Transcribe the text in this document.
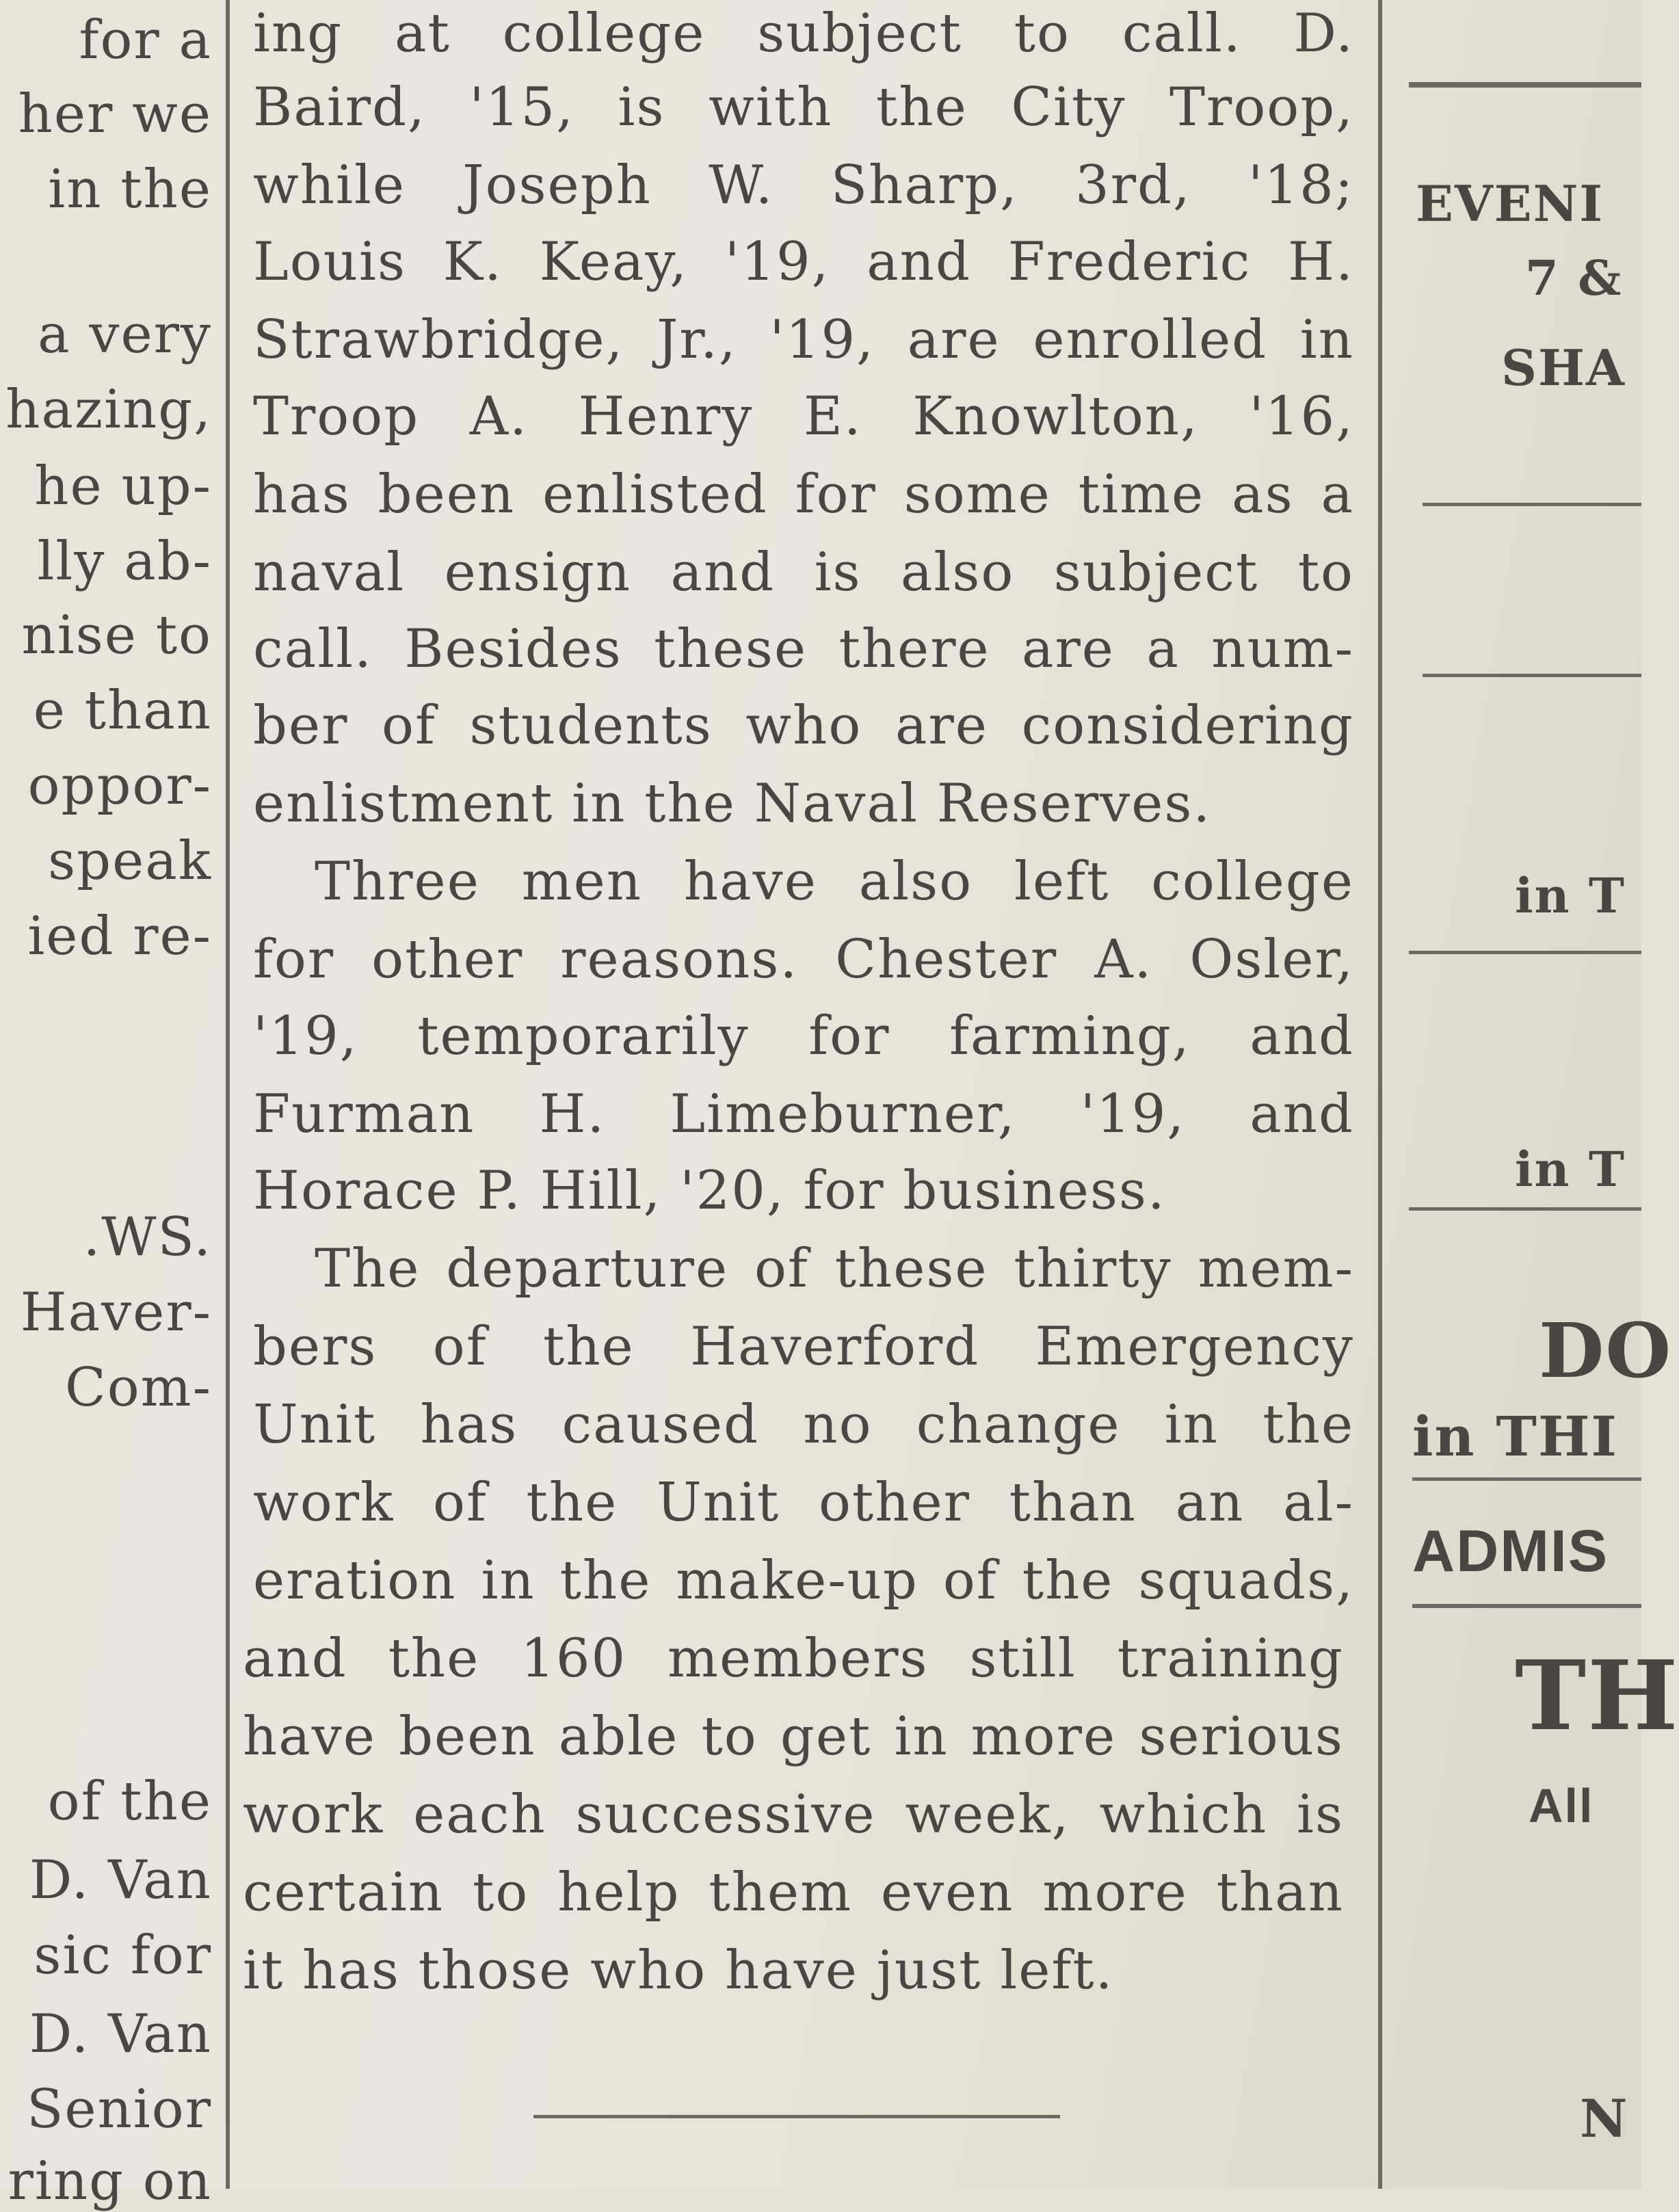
for a
her we
in the
a very
hazing,
he up-
lly ab-
nise to
e than
oppor-
speak
ied re-
.WS.
Haver-
Com-
of the
D. Van
sic for
D. Van
Senior
ring on
ing at college subject to call. D.
Baird, '15, is with the City Troop,
while Joseph W. Sharp, 3rd, '18;
Louis K. Keay, '19, and Frederic H.
Strawbridge, Jr., '19, are enrolled in
Troop A. Henry E. Knowlton, '16,
has been enlisted for some time as a
naval ensign and is also subject to
call. Besides these there are a num-
ber of students who are considering
enlistment in the Naval Reserves.
Three men have also left college
for other reasons. Chester A. Osler,
'19, temporarily for farming, and
Furman H. Limeburner, '19, and
Horace P. Hill, '20, for business.
The departure of these thirty mem-
bers of the Haverford Emergency
Unit has caused no change in the
work of the Unit other than an al-
eration in the make-up of the squads,
and the 160 members still training
have been able to get in more serious
work each successive week, which is
certain to help them even more than
it has those who have just left.
EVENI
7 &
SHA
in T
in T
DO
in THI
ADMIS
TH
All
N
